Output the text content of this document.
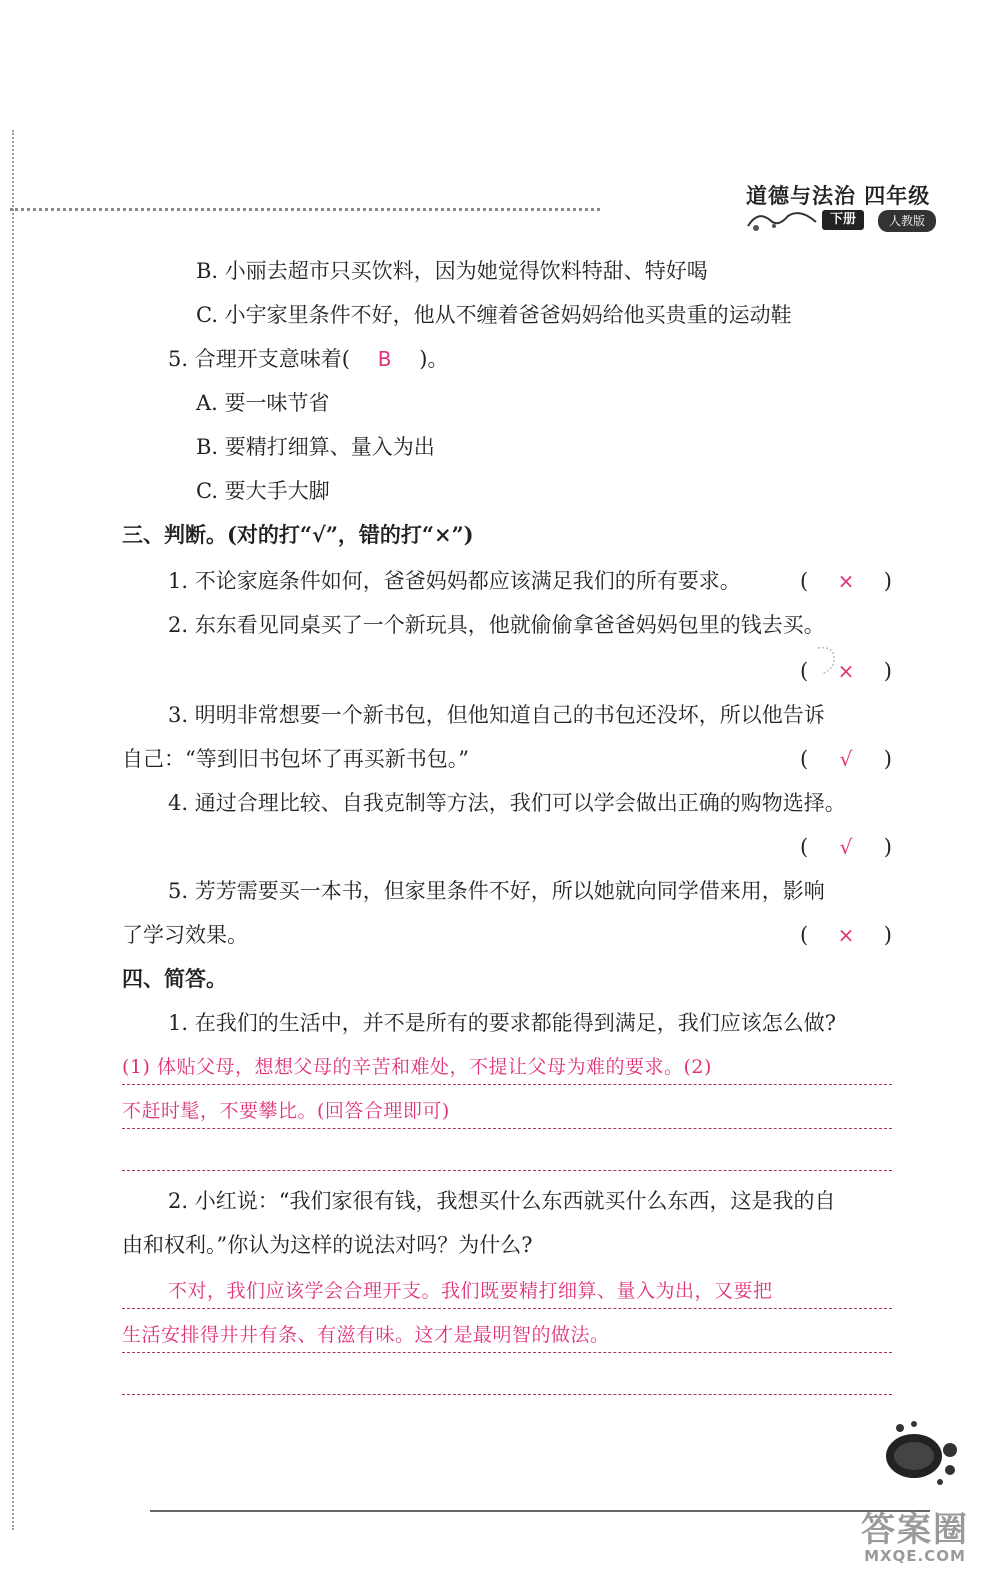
道德与法治 四年级
下册	人教版
B. 小丽去超市只买饮料，因为她觉得饮料特甜、特好喝
C. 小宇家里条件不好，他从不缠着爸爸妈妈给他买贵重的运动鞋
5. 合理开支意味着( B )。
A. 要一味节省
B. 要精打细算、量入为出
C. 要大手大脚
三、判断。(对的打“√”，错的打“×”)
1. 不论家庭条件如何，爸爸妈妈都应该满足我们的所有要求。	( × )
2. 东东看见同桌买了一个新玩具，他就偷偷拿爸爸妈妈包里的钱去买。
( × )
3. 明明非常想要一个新书包，但他知道自己的书包还没坏，所以他告诉
自己：“等到旧书包坏了再买新书包。”	( √ )
4. 通过合理比较、自我克制等方法，我们可以学会做出正确的购物选择。
( √ )
5. 芳芳需要买一本书，但家里条件不好，所以她就向同学借来用，影响
了学习效果。	( × )
四、简答。
1. 在我们的生活中，并不是所有的要求都能得到满足，我们应该怎么做?
(1) 体贴父母，想想父母的辛苦和难处，不提让父母为难的要求。(2)
不赶时髦，不要攀比。(回答合理即可)
2. 小红说：“我们家很有钱，我想买什么东西就买什么东西，这是我的自
由和权利。”你认为这样的说法对吗？为什么?
不对，我们应该学会合理开支。我们既要精打细算、量入为出，又要把
生活安排得井井有条、有滋有味。这才是最明智的做法。
答案圈
MXQE.COM
